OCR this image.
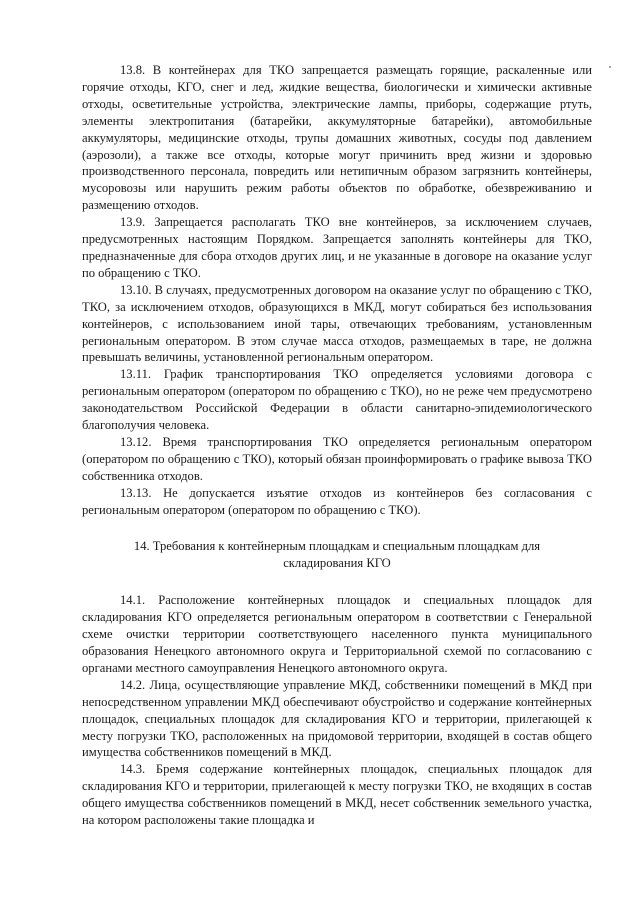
13.8. В контейнерах для ТКО запрещается размещать горящие, раскаленные или горячие отходы, КГО, снег и лед, жидкие вещества, биологически и химически активные отходы, осветительные устройства, электрические лампы, приборы, содержащие ртуть, элементы электропитания (батарейки, аккумуляторные батарейки), автомобильные аккумуляторы, медицинские отходы, трупы домашних животных, сосуды под давлением (аэрозоли), а также все отходы, которые могут причинить вред жизни и здоровью производственного персонала, повредить или нетипичным образом загрязнить контейнеры, мусоровозы или нарушить режим работы объектов по обработке, обезвреживанию и размещению отходов.

13.9. Запрещается располагать ТКО вне контейнеров, за исключением случаев, предусмотренных настоящим Порядком. Запрещается заполнять контейнеры для ТКО, предназначенные для сбора отходов других лиц, и не указанные в договоре на оказание услуг по обращению с ТКО.

13.10. В случаях, предусмотренных договором на оказание услуг по обращению с ТКО, ТКО, за исключением отходов, образующихся в МКД, могут собираться без использования контейнеров, с использованием иной тары, отвечающих требованиям, установленным региональным оператором. В этом случае масса отходов, размещаемых в таре, не должна превышать величины, установленной региональным оператором.

13.11. График транспортирования ТКО определяется условиями договора с региональным оператором (оператором по обращению с ТКО), но не реже чем предусмотрено законодательством Российской Федерации в области санитарно-эпидемиологического благополучия человека.

13.12. Время транспортирования ТКО определяется региональным оператором (оператором по обращению с ТКО), который обязан проинформировать о графике вывоза ТКО собственника отходов.

13.13. Не допускается изъятие отходов из контейнеров без согласования с региональным оператором (оператором по обращению с ТКО).

14. Требования к контейнерным площадкам и специальным площадкам для
складирования КГО

14.1. Расположение контейнерных площадок и специальных площадок для складирования КГО определяется региональным оператором в соответствии с Генеральной схеме очистки территории соответствующего населенного пункта муниципального образования Ненецкого автономного округа и Территориальной схемой по согласованию с органами местного самоуправления Ненецкого автономного округа.

14.2. Лица, осуществляющие управление МКД, собственники помещений в МКД при непосредственном управлении МКД обеспечивают обустройство и содержание контейнерных площадок, специальных площадок для складирования КГО и территории, прилегающей к месту погрузки ТКО, расположенных на придомовой территории, входящей в состав общего имущества собственников помещений в МКД.

14.3. Бремя содержание контейнерных площадок, специальных площадок для складирования КГО и территории, прилегающей к месту погрузки ТКО, не входящих в состав общего имущества собственников помещений в МКД, несет собственник земельного участка, на котором расположены такие площадка и
